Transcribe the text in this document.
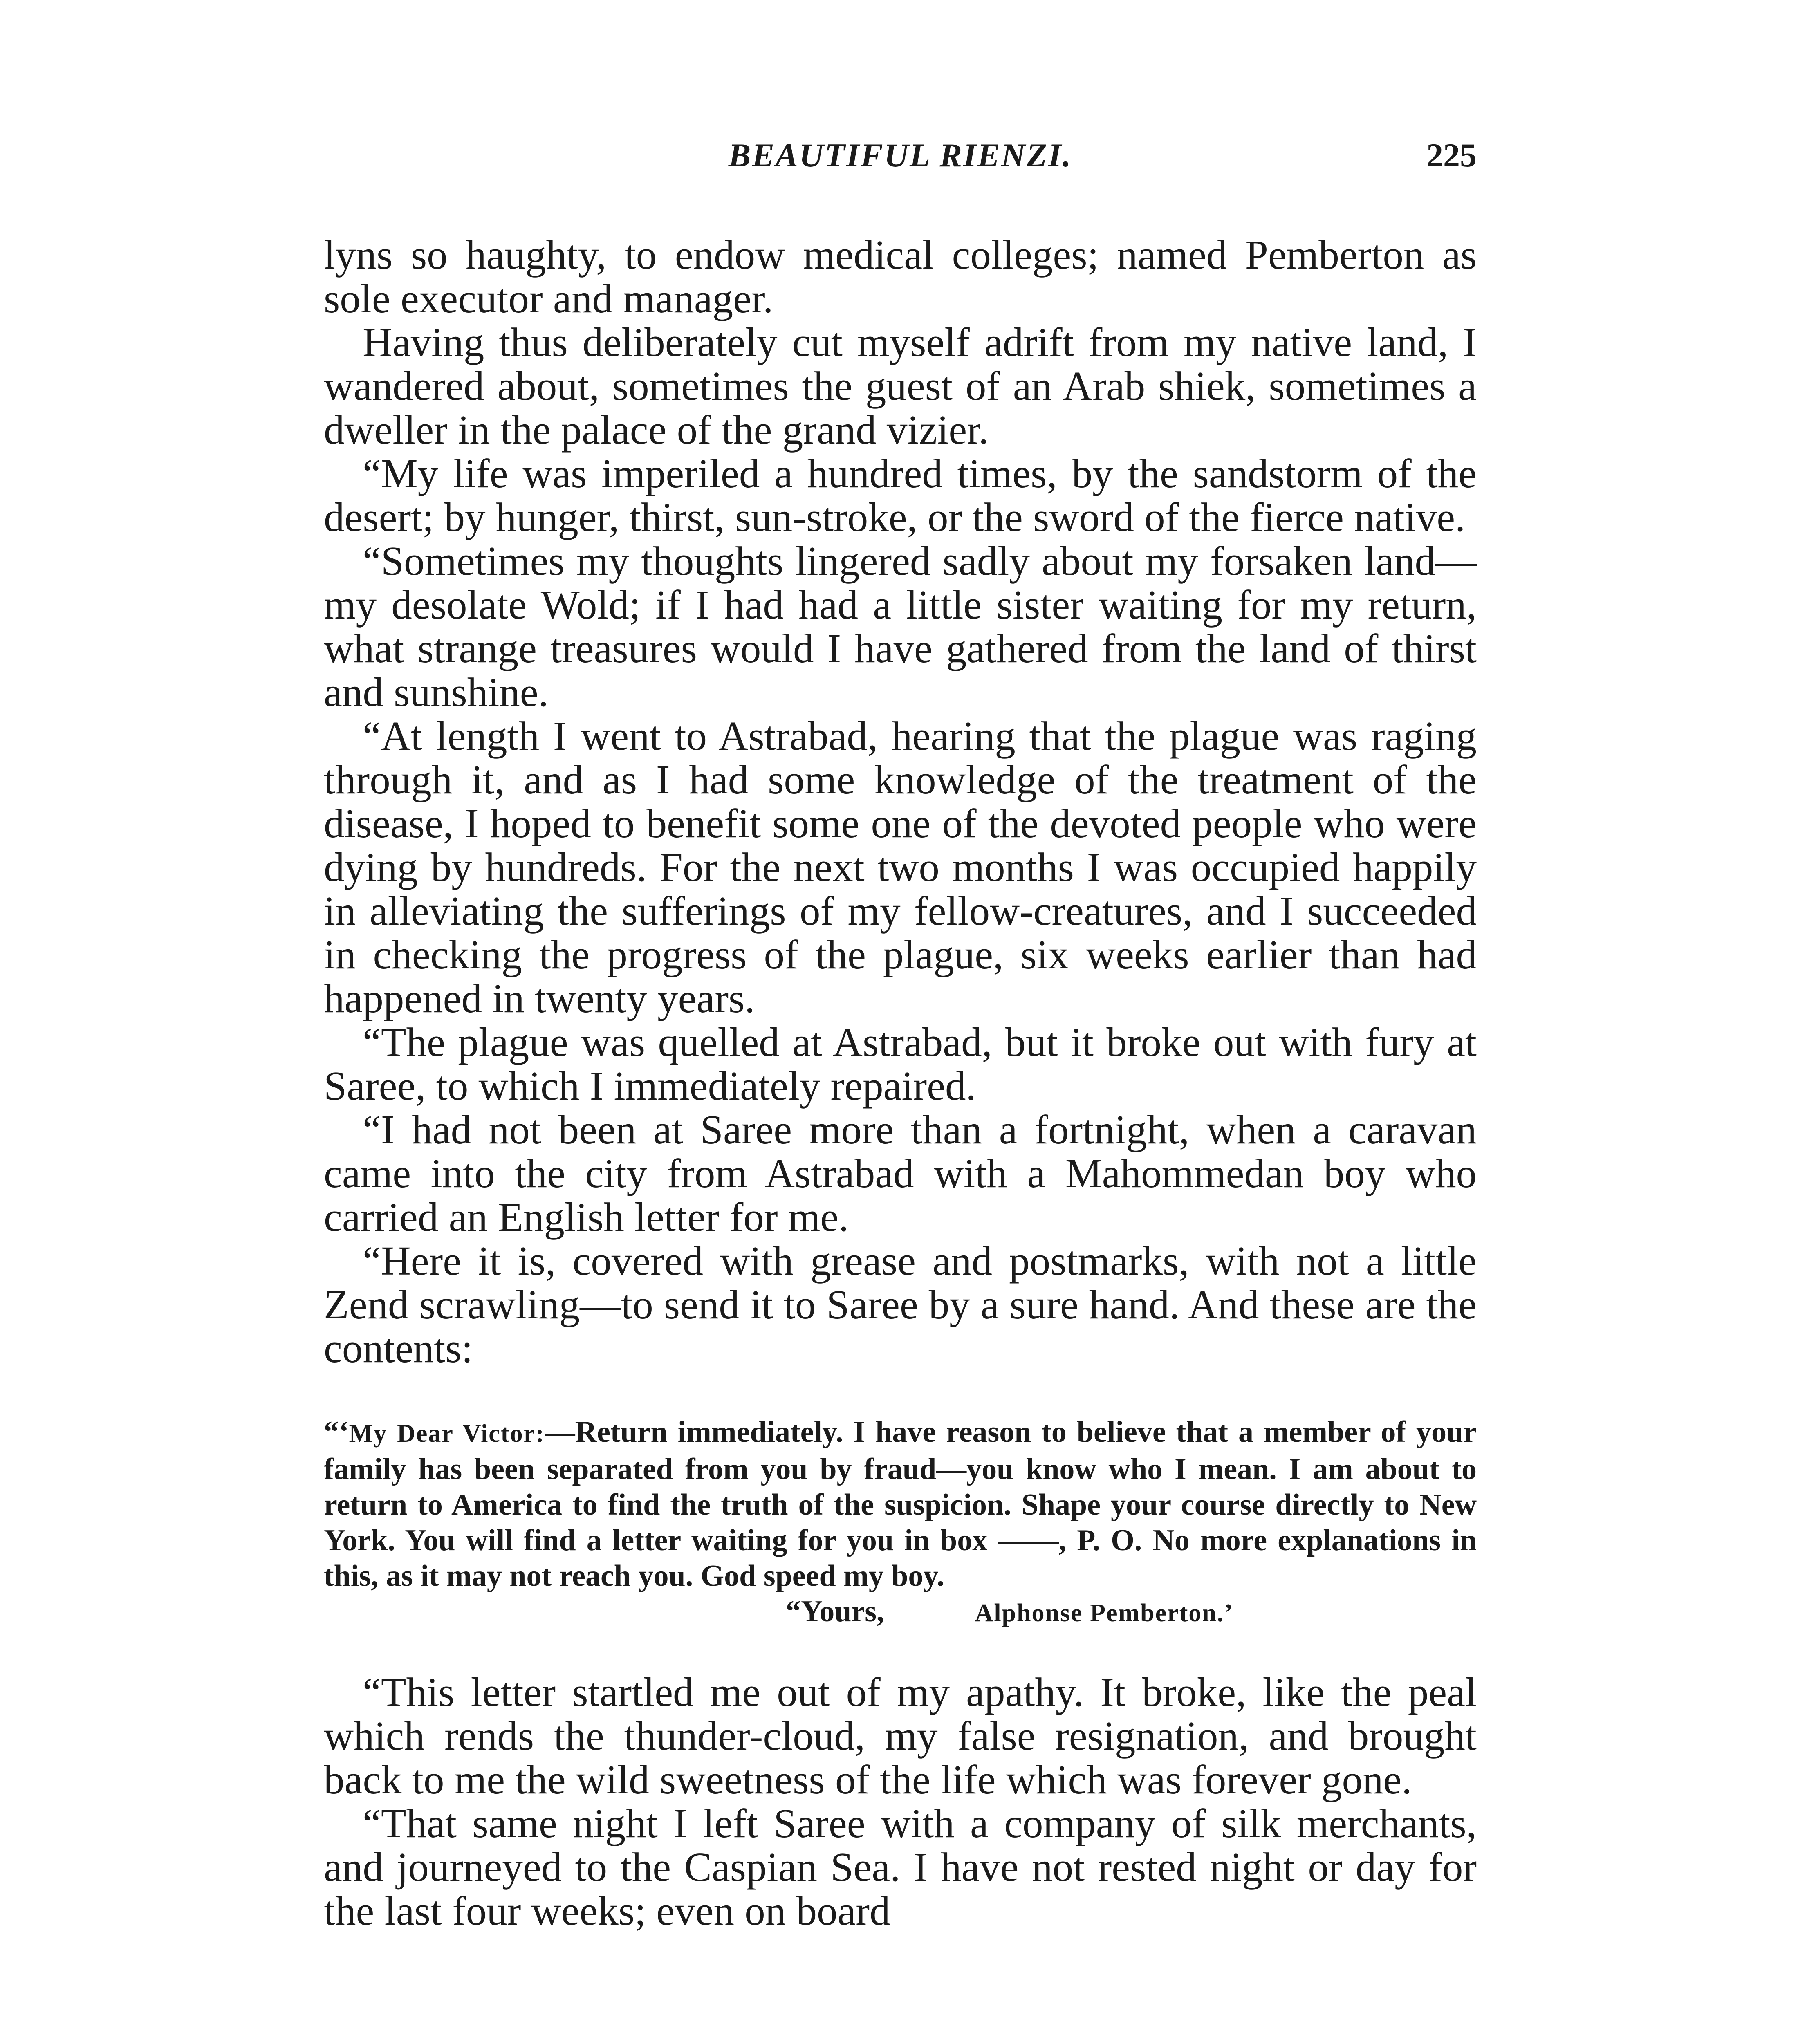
BEAUTIFUL RIENZI.	225

lyns so haughty, to endow medical colleges; named Pemberton as sole executor and manager.

Having thus deliberately cut myself adrift from my native land, I wandered about, sometimes the guest of an Arab shiek, sometimes a dweller in the palace of the grand vizier.

“My life was imperiled a hundred times, by the sandstorm of the desert; by hunger, thirst, sun-stroke, or the sword of the fierce native.

“Sometimes my thoughts lingered sadly about my forsaken land—my desolate Wold; if I had had a little sister waiting for my return, what strange treasures would I have gathered from the land of thirst and sunshine.

“At length I went to Astrabad, hearing that the plague was raging through it, and as I had some knowledge of the treatment of the disease, I hoped to benefit some one of the devoted people who were dying by hundreds. For the next two months I was occupied happily in alleviating the sufferings of my fellow-creatures, and I succeeded in checking the progress of the plague, six weeks earlier than had happened in twenty years.

“The plague was quelled at Astrabad, but it broke out with fury at Saree, to which I immediately repaired.

“I had not been at Saree more than a fortnight, when a caravan came into the city from Astrabad with a Mahommedan boy who carried an English letter for me.

“Here it is, covered with grease and postmarks, with not a little Zend scrawling—to send it to Saree by a sure hand. And these are the contents:

“‘My Dear Victor:—Return immediately. I have reason to believe that a member of your family has been separated from you by fraud—you know who I mean. I am about to return to America to find the truth of the suspicion. Shape your course directly to New York. You will find a letter waiting for you in box ——, P. O. No more explanations in this, as it may not reach you. God speed my boy.
“Yours,	Alphonse Pemberton.’

“This letter startled me out of my apathy. It broke, like the peal which rends the thunder-cloud, my false resignation, and brought back to me the wild sweetness of the life which was forever gone.

“That same night I left Saree with a company of silk merchants, and journeyed to the Caspian Sea. I have not rested night or day for the last four weeks; even on board
